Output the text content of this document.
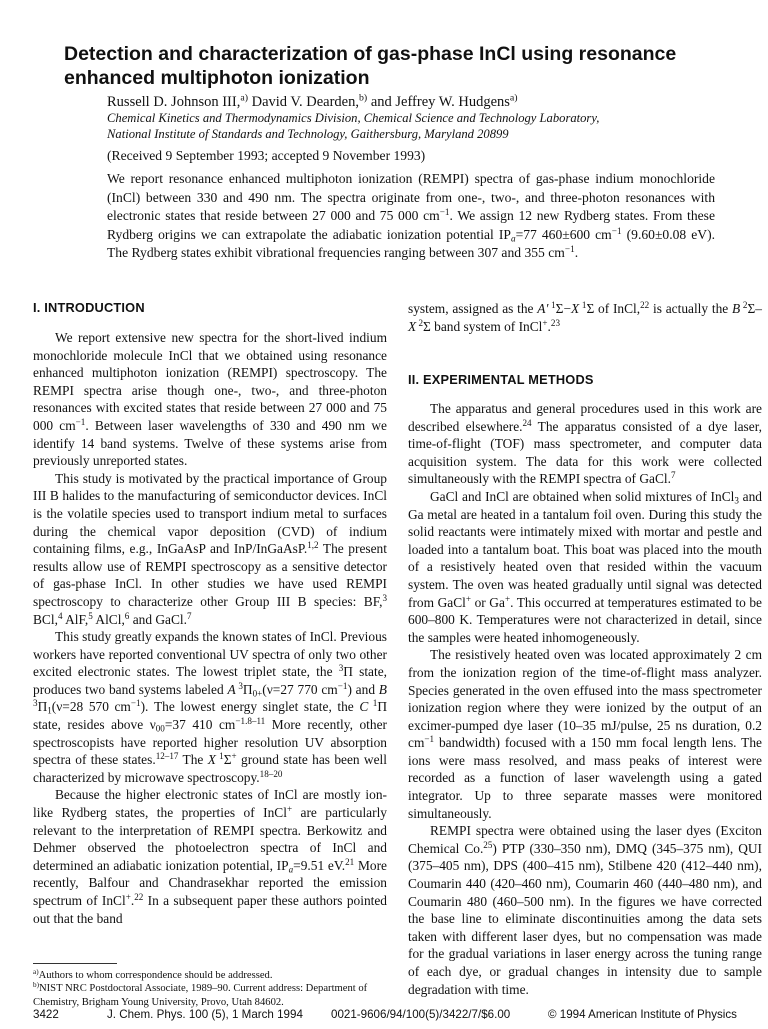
Detection and characterization of gas-phase InCl using resonance enhanced multiphoton ionization
Russell D. Johnson III,$^{a)}$ David V. Dearden,$^{b)}$ and Jeffrey W. Hudgens$^{a)}$
Chemical Kinetics and Thermodynamics Division, Chemical Science and Technology Laboratory,
National Institute of Standards and Technology, Gaithersburg, Maryland 20899
(Received 9 September 1993; accepted 9 November 1993)

We report resonance enhanced multiphoton ionization (REMPI) spectra of gas-phase indium monochloride (InCl) between 330 and 490 nm. The spectra originate from one-, two-, and three-photon resonances with electronic states that reside between 27 000 and 75 000 $cm^{-1}$. We assign 12 new Rydberg states. From these Rydberg origins we can extrapolate the adiabatic ionization potential $IP_a=77$ 460±600 $cm^{-1}$ (9.60±0.08 eV). The Rydberg states exhibit vibrational frequencies ranging between 307 and 355 $cm^{-1}$.

I. INTRODUCTION

We report extensive new spectra for the short-lived indium monochloride molecule InCl that we obtained using resonance enhanced multiphoton ionization (REMPI) spectroscopy. The REMPI spectra arise though one-, two-, and three-photon resonances with excited states that reside between 27 000 and 75 000 $cm^{-1}$. Between laser wavelengths of 330 and 490 nm we identify 14 band systems. Twelve of these systems arise from previously unreported states.

This study is motivated by the practical importance of Group III B halides to the manufacturing of semiconductor devices. InCl is the volatile species used to transport indium metal to surfaces during the chemical vapor deposition (CVD) of indium containing films, e.g., InGaAsP and InP/InGaAsP.$^{1,2}$ The present results allow use of REMPI spectroscopy as a sensitive detector of gas-phase InCl. In other studies we have used REMPI spectroscopy to characterize other Group III B species: BF,$^3$ BCl,$^4$ AlF,$^5$ AlCl,$^6$ and GaCl.$^7$

This study greatly expands the known states of InCl. Previous workers have reported conventional UV spectra of only two other excited electronic states. The lowest triplet state, the $^3$Π state, produces two band systems labeled A $^3\Pi_{0+}(\nu=27$ 770 $cm^{-1}$) and B $^3\Pi_1(\nu=28$ 570 $cm^{-1}$). The lowest energy singlet state, the C $^1$Π state, resides above $\nu_{00}=37$ 410 $cm^{-1.8-11}$ More recently, other spectroscopists have reported higher resolution UV absorption spectra of these states.$^{12-17}$ The X $^1$Σ+ ground state has been well characterized by microwave spectroscopy.$^{18-20}$

Because the higher electronic states of InCl are mostly ion-like Rydberg states, the properties of InCl+ are particularly relevant to the interpretation of REMPI spectra. Berkowitz and Dehmer observed the photoelectron spectra of InCl and determined an adiabatic ionization potential, $IP_a=9.51$ eV.$^{21}$ More recently, Balfour and Chandrasekhar reported the emission spectrum of InCl+.$^{22}$ In a subsequent paper these authors pointed out that the band

system, assigned as the A′ $^1$Σ−X $^1$Σ of InCl,$^{22}$ is actually the B $^2$Σ–X $^2$Σ band system of InCl+.$^{23}$

II. EXPERIMENTAL METHODS

The apparatus and general procedures used in this work are described elsewhere.$^{24}$ The apparatus consisted of a dye laser, time-of-flight (TOF) mass spectrometer, and computer data acquisition system. The data for this work were collected simultaneously with the REMPI spectra of GaCl.$^7$

GaCl and InCl are obtained when solid mixtures of InCl$_3$ and Ga metal are heated in a tantalum foil oven. During this study the solid reactants were intimately mixed with mortar and pestle and loaded into a tantalum boat. This boat was placed into the mouth of a resistively heated oven that resided within the vacuum system. The oven was heated gradually until signal was detected from GaCl+ or Ga+. This occurred at temperatures estimated to be 600–800 K. Temperatures were not characterized in detail, since the samples were heated inhomogeneously.

The resistively heated oven was located approximately 2 cm from the ionization region of the time-of-flight mass analyzer. Species generated in the oven effused into the mass spectrometer ionization region where they were ionized by the output of an excimer-pumped dye laser (10–35 mJ/pulse, 25 ns duration, 0.2 $cm^{-1}$ bandwidth) focused with a 150 mm focal length lens. The ions were mass resolved, and mass peaks of interest were recorded as a function of laser wavelength using a gated integrator. Up to three separate masses were monitored simultaneously.

REMPI spectra were obtained using the laser dyes (Exciton Chemical Co.$^{25}$) PTP (330–350 nm), DMQ (345–375 nm), QUI (375–405 nm), DPS (400–415 nm), Stilbene 420 (412–440 nm), Coumarin 440 (420–460 nm), Coumarin 460 (440–480 nm), and Coumarin 480 (460–500 nm). In the figures we have corrected the base line to eliminate discontinuities among the data sets taken with different laser dyes, but no compensation was made for the gradual variations in laser energy across the tuning range of each dye, or gradual changes in intensity due to sample degradation with time.

$^{a)}$Authors to whom correspondence should be addressed.
$^{b)}$NIST NRC Postdoctoral Associate, 1989–90. Current address: Department of Chemistry, Brigham Young University, Provo, Utah 84602.
3422	J. Chem. Phys. 100 (5), 1 March 1994 0021-9606/94/100(5)/3422/7/$6.00	© 1994 American Institute of Physics
